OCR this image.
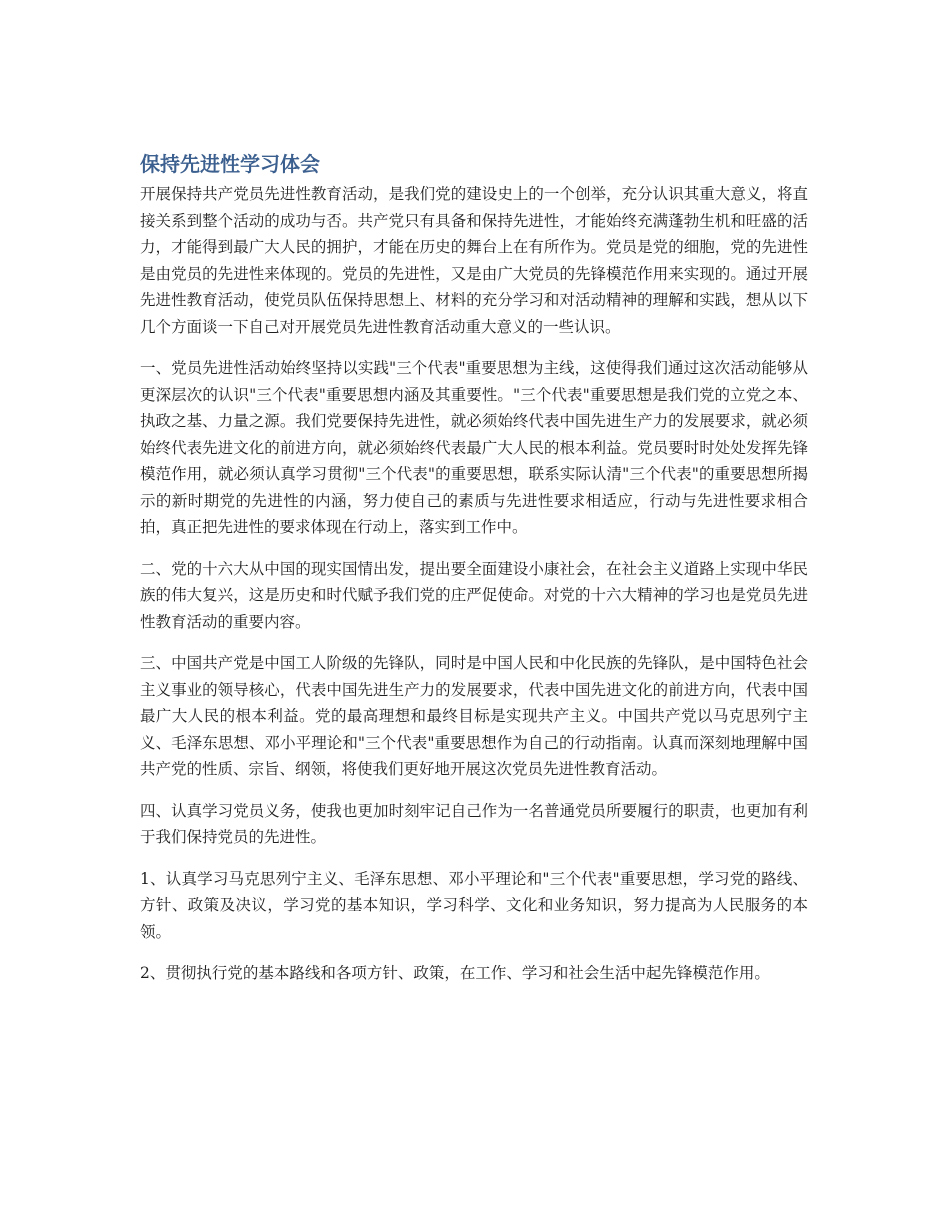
保持先进性学习体会

开展保持共产党员先进性教育活动，是我们党的建设史上的一个创举，充分认识其重大意义，将直接关系到整个活动的成功与否。共产党只有具备和保持先进性，才能始终充满蓬勃生机和旺盛的活力，才能得到最广大人民的拥护，才能在历史的舞台上在有所作为。党员是党的细胞，党的先进性是由党员的先进性来体现的。党员的先进性，又是由广大党员的先锋模范作用来实现的。通过开展先进性教育活动，使党员队伍保持思想上、材料的充分学习和对活动精神的理解和实践，想从以下几个方面谈一下自己对开展党员先进性教育活动重大意义的一些认识。

一、党员先进性活动始终坚持以实践"三个代表"重要思想为主线，这使得我们通过这次活动能够从更深层次的认识"三个代表"重要思想内涵及其重要性。"三个代表"重要思想是我们党的立党之本、执政之基、力量之源。我们党要保持先进性，就必须始终代表中国先进生产力的发展要求，就必须始终代表先进文化的前进方向，就必须始终代表最广大人民的根本利益。党员要时时处处发挥先锋模范作用，就必须认真学习贯彻"三个代表"的重要思想，联系实际认清"三个代表"的重要思想所揭示的新时期党的先进性的内涵，努力使自己的素质与先进性要求相适应，行动与先进性要求相合拍，真正把先进性的要求体现在行动上，落实到工作中。

二、党的十六大从中国的现实国情出发，提出要全面建设小康社会，在社会主义道路上实现中华民族的伟大复兴，这是历史和时代赋予我们党的庄严促使命。对党的十六大精神的学习也是党员先进性教育活动的重要内容。

三、中国共产党是中国工人阶级的先锋队，同时是中国人民和中化民族的先锋队，是中国特色社会主义事业的领导核心，代表中国先进生产力的发展要求，代表中国先进文化的前进方向，代表中国最广大人民的根本利益。党的最高理想和最终目标是实现共产主义。中国共产党以马克思列宁主义、毛泽东思想、邓小平理论和"三个代表"重要思想作为自己的行动指南。认真而深刻地理解中国共产党的性质、宗旨、纲领，将使我们更好地开展这次党员先进性教育活动。

四、认真学习党员义务，使我也更加时刻牢记自己作为一名普通党员所要履行的职责，也更加有利于我们保持党员的先进性。

1、认真学习马克思列宁主义、毛泽东思想、邓小平理论和"三个代表"重要思想，学习党的路线、方针、政策及决议，学习党的基本知识，学习科学、文化和业务知识，努力提高为人民服务的本领。

2、贯彻执行党的基本路线和各项方针、政策，在工作、学习和社会生活中起先锋模范作用。
